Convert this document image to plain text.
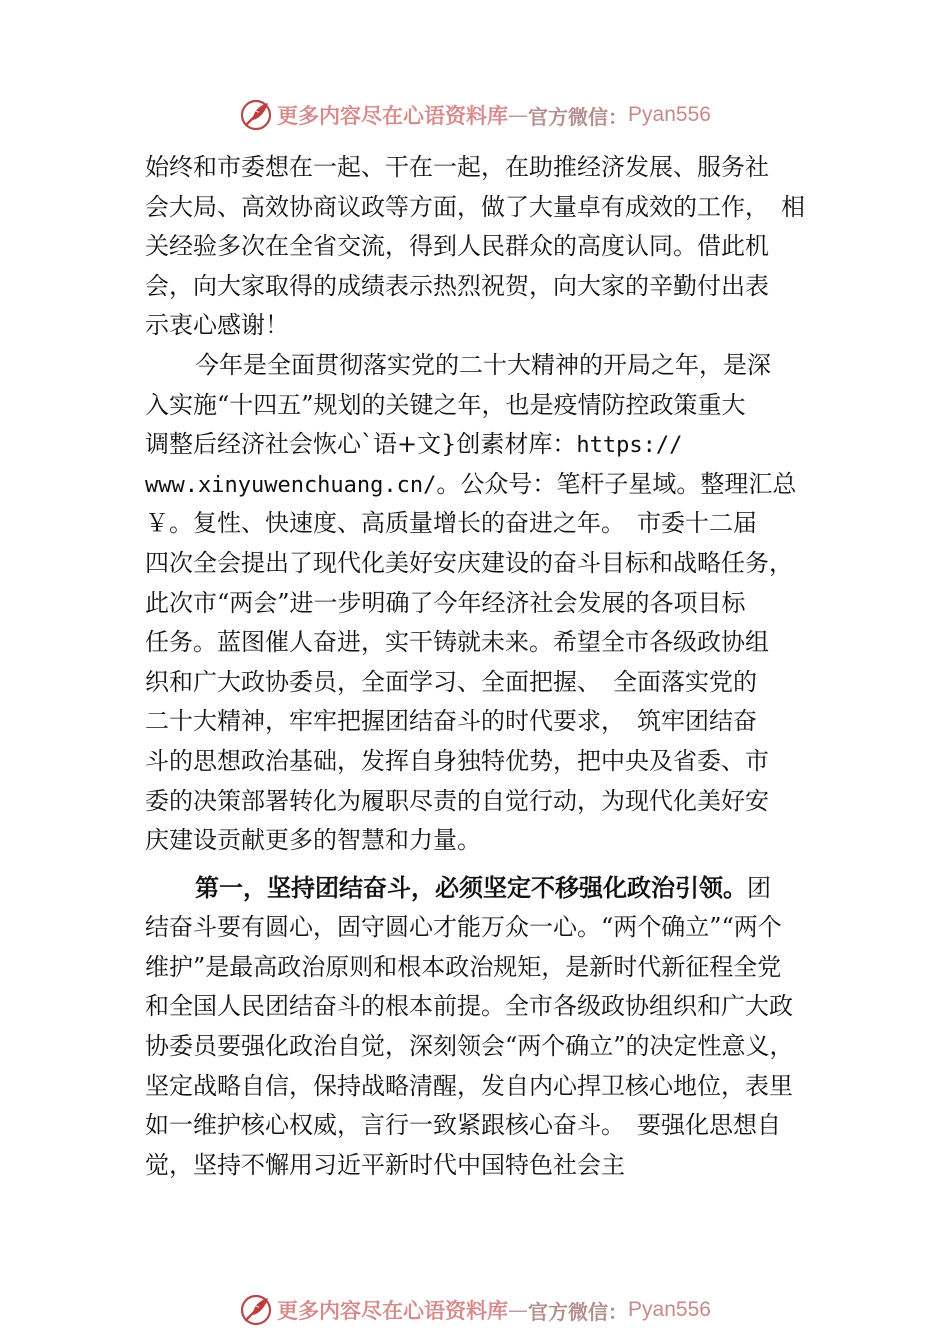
更多内容尽在心语资料库 — 官方微信： Pyan556
始终和市委想在一起、干在一起，在助推经济发展、服务社
会大局、高效协商议政等方面，做了大量卓有成效的工作，　相
关经验多次在全省交流，得到人民群众的高度认同。借此机
会，向大家取得的成绩表示热烈祝贺，向大家的辛勤付出表
示衷心感谢！
今年是全面贯彻落实党的二十大精神的开局之年，是深
入实施“十四五”规划的关键之年，也是疫情防控政策重大
调整后经济社会恢心`语+文}创素材库：https://
www.xinyuwenchuang.cn/。公众号：笔杆子星域。整理汇总
￥。复性、快速度、高质量增长的奋进之年。　市委十二届
四次全会提出了现代化美好安庆建设的奋斗目标和战略任务，
此次市“两会”进一步明确了今年经济社会发展的各项目标
任务。蓝图催人奋进，实干铸就未来。希望全市各级政协组
织和广大政协委员，全面学习、全面把握、　全面落实党的
二十大精神，牢牢把握团结奋斗的时代要求，　筑牢团结奋
斗的思想政治基础，发挥自身独特优势，把中央及省委、市
委的决策部署转化为履职尽责的自觉行动，为现代化美好安
庆建设贡献更多的智慧和力量。
第一，坚持团结奋斗，必须坚定不移强化政治引领。团
结奋斗要有圆心，固守圆心才能万众一心。“两个确立”“两个
维护”是最高政治原则和根本政治规矩，是新时代新征程全党
和全国人民团结奋斗的根本前提。全市各级政协组织和广大政
协委员要强化政治自觉，深刻领会“两个确立”的决定性意义，
坚定战略自信，保持战略清醒，发自内心捍卫核心地位，表里
如一维护核心权威，言行一致紧跟核心奋斗。　要强化思想自
觉，坚持不懈用习近平新时代中国特色社会主
更多内容尽在心语资料库 — 官方微信： Pyan556
